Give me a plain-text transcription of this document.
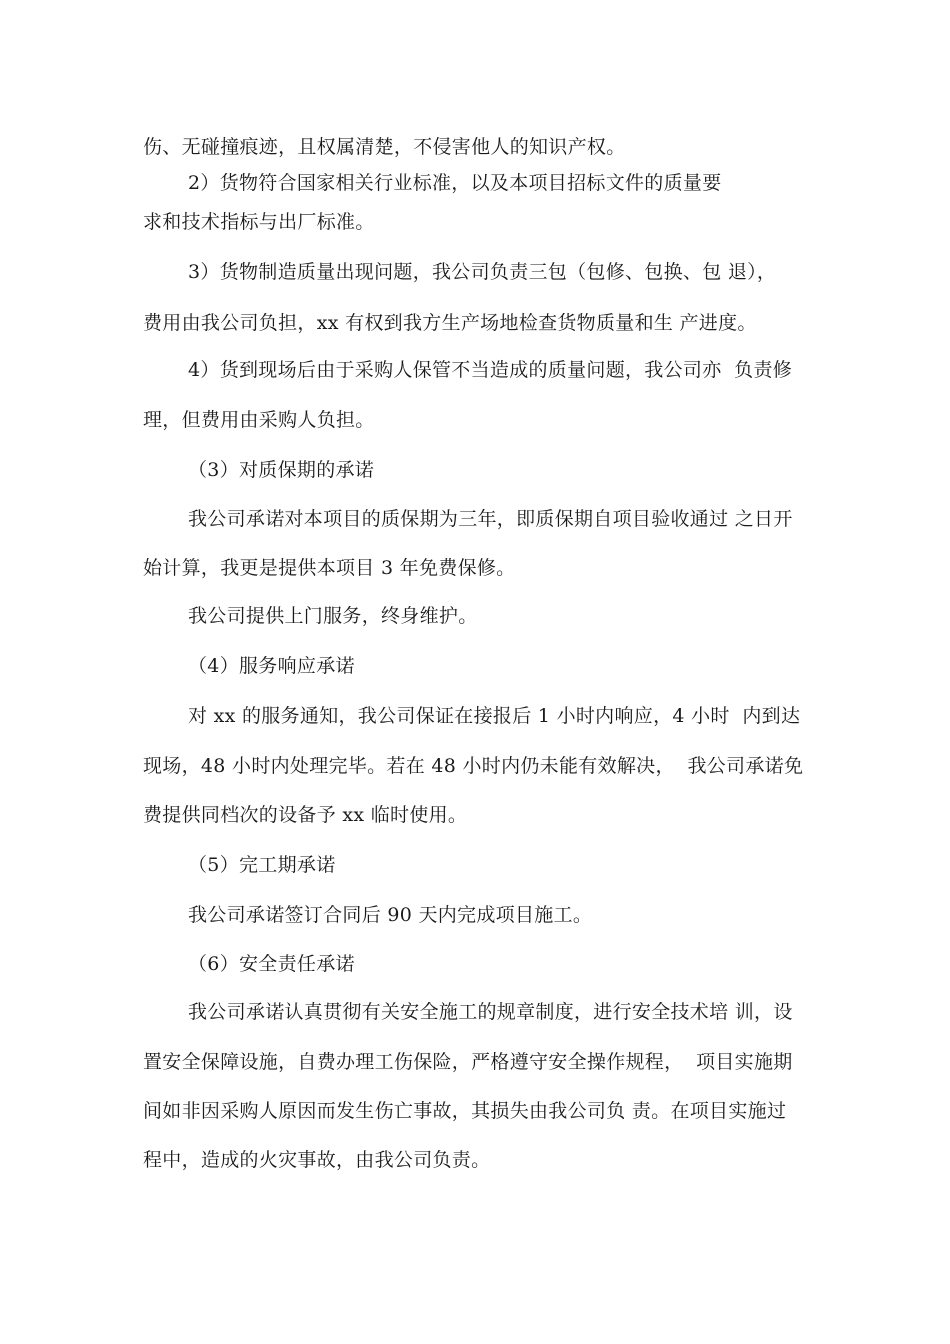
伤、无碰撞痕迹，且权属清楚，不侵害他人的知识产权。
2）货物符合国家相关行业标准，以及本项目招标文件的质量要
求和技术指标与出厂标准。
3）货物制造质量出现问题，我公司负责三包（包修、包换、包 退），
费用由我公司负担，xx 有权到我方生产场地检查货物质量和生 产进度。
4）货到现场后由于采购人保管不当造成的质量问题，我公司亦  负责修
理，但费用由采购人负担。
（3）对质保期的承诺
我公司承诺对本项目的质保期为三年，即质保期自项目验收通过 之日开
始计算，我更是提供本项目 3 年免费保修。
我公司提供上门服务，终身维护。
（4）服务响应承诺
对 xx 的服务通知，我公司保证在接报后 1 小时内响应，4 小时  内到达
现场，48 小时内处理完毕。若在 48 小时内仍未能有效解决，  我公司承诺免
费提供同档次的设备予 xx 临时使用。
（5）完工期承诺
我公司承诺签订合同后 90 天内完成项目施工。
（6）安全责任承诺
我公司承诺认真贯彻有关安全施工的规章制度，进行安全技术培 训，设
置安全保障设施，自费办理工伤保险，严格遵守安全操作规程，  项目实施期
间如非因采购人原因而发生伤亡事故，其损失由我公司负 责。在项目实施过
程中，造成的火灾事故，由我公司负责。
